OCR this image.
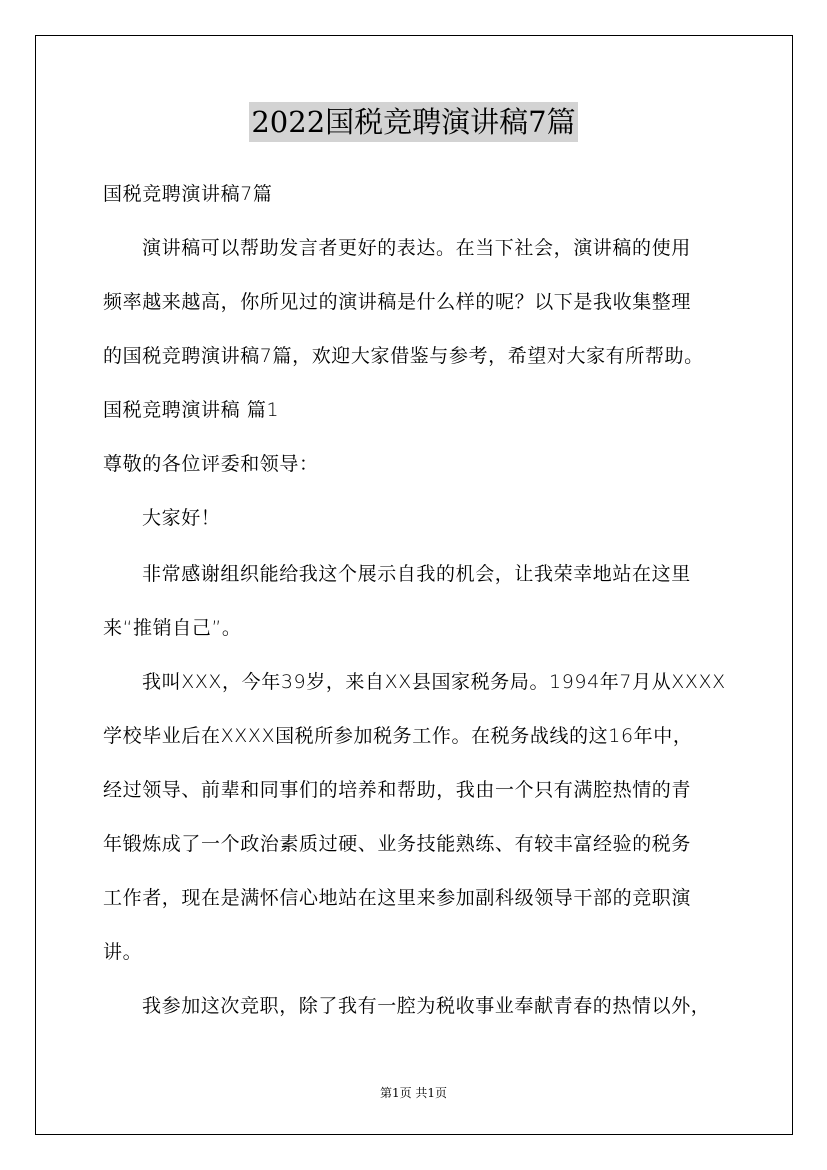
2022国税竞聘演讲稿7篇
国税竞聘演讲稿7篇
演讲稿可以帮助发言者更好的表达。在当下社会，演讲稿的使用
频率越来越高，你所见过的演讲稿是什么样的呢？以下是我收集整理
的国税竞聘演讲稿7篇，欢迎大家借鉴与参考，希望对大家有所帮助。
国税竞聘演讲稿 篇1
尊敬的各位评委和领导：
大家好！
非常感谢组织能给我这个展示自我的机会，让我荣幸地站在这里
来“推销自己”。
我叫XXX，今年39岁，来自XX县国家税务局。1994年7月从XXXX
学校毕业后在XXXX国税所参加税务工作。在税务战线的这16年中，
经过领导、前辈和同事们的培养和帮助，我由一个只有满腔热情的青
年锻炼成了一个政治素质过硬、业务技能熟练、有较丰富经验的税务
工作者，现在是满怀信心地站在这里来参加副科级领导干部的竞职演
讲。
我参加这次竞职，除了我有一腔为税收事业奉献青春的热情以外，
第1页 共1页
